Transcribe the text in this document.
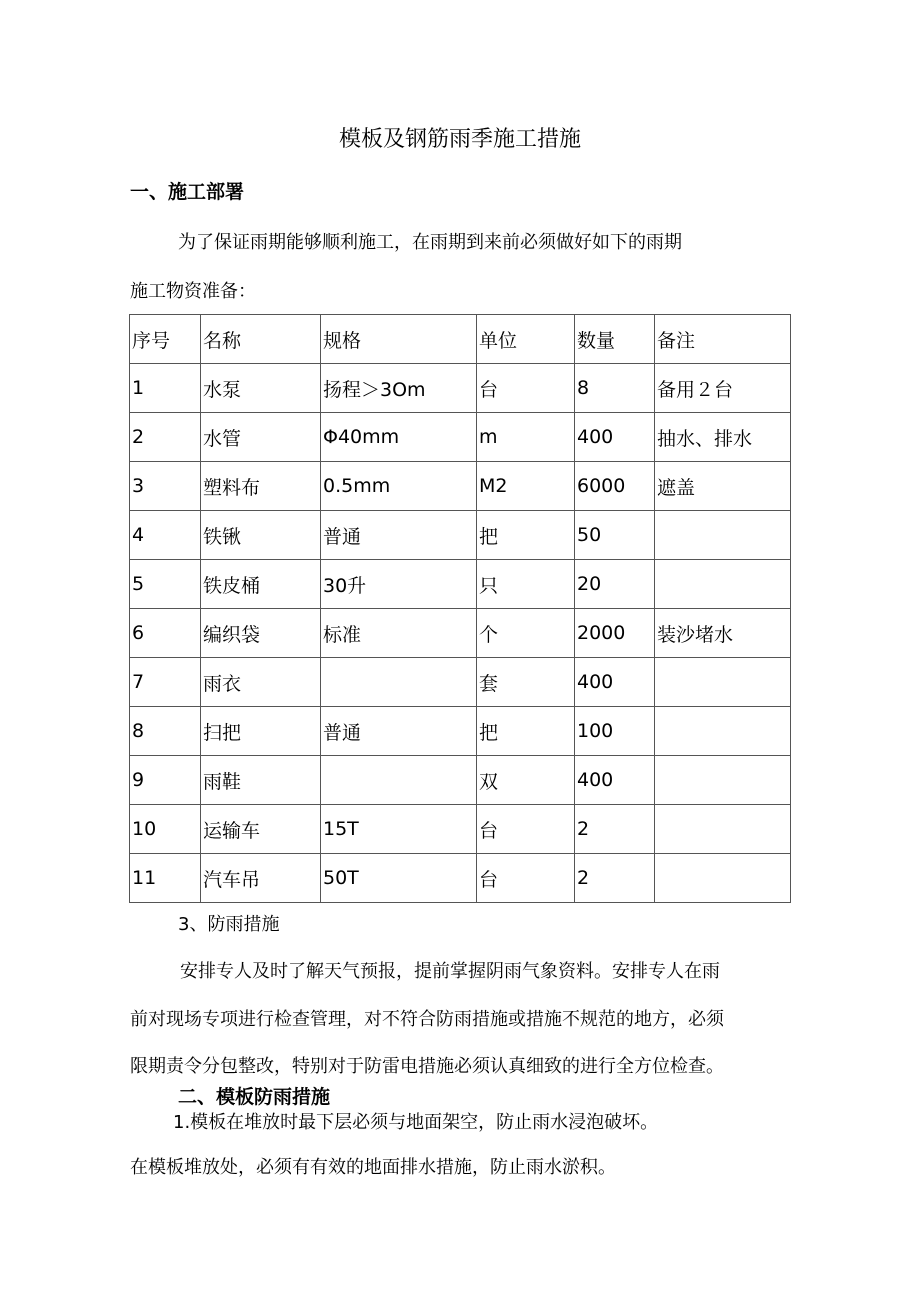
模板及钢筋雨季施工措施
一、施工部署
为了保证雨期能够顺利施工，在雨期到来前必须做好如下的雨期
施工物资准备：
序号	名称	规格	单位	数量	备注
1	水泵	扬程＞3Om	台	8	备用２台
2	水管	Φ40mm	m	400	抽水、排水
3	塑料布	0.5mm	M2	6000	遮盖
4	铁锹	普通	把	50	
5	铁皮桶	30升	只	20	
6	编织袋	标准	个	2000	装沙堵水
7	雨衣		套	400	
8	扫把	普通	把	100	
9	雨鞋		双	400	
10	运输车	15T	台	2	
11	汽车吊	50T	台	2	
3、防雨措施
安排专人及时了解天气预报，提前掌握阴雨气象资料。安排专人在雨
前对现场专项进行检查管理，对不符合防雨措施或措施不规范的地方，必须
限期责令分包整改，特别对于防雷电措施必须认真细致的进行全方位检查。
二、模板防雨措施
1.模板在堆放时最下层必须与地面架空，防止雨水浸泡破坏。
在模板堆放处，必须有有效的地面排水措施，防止雨水淤积。
